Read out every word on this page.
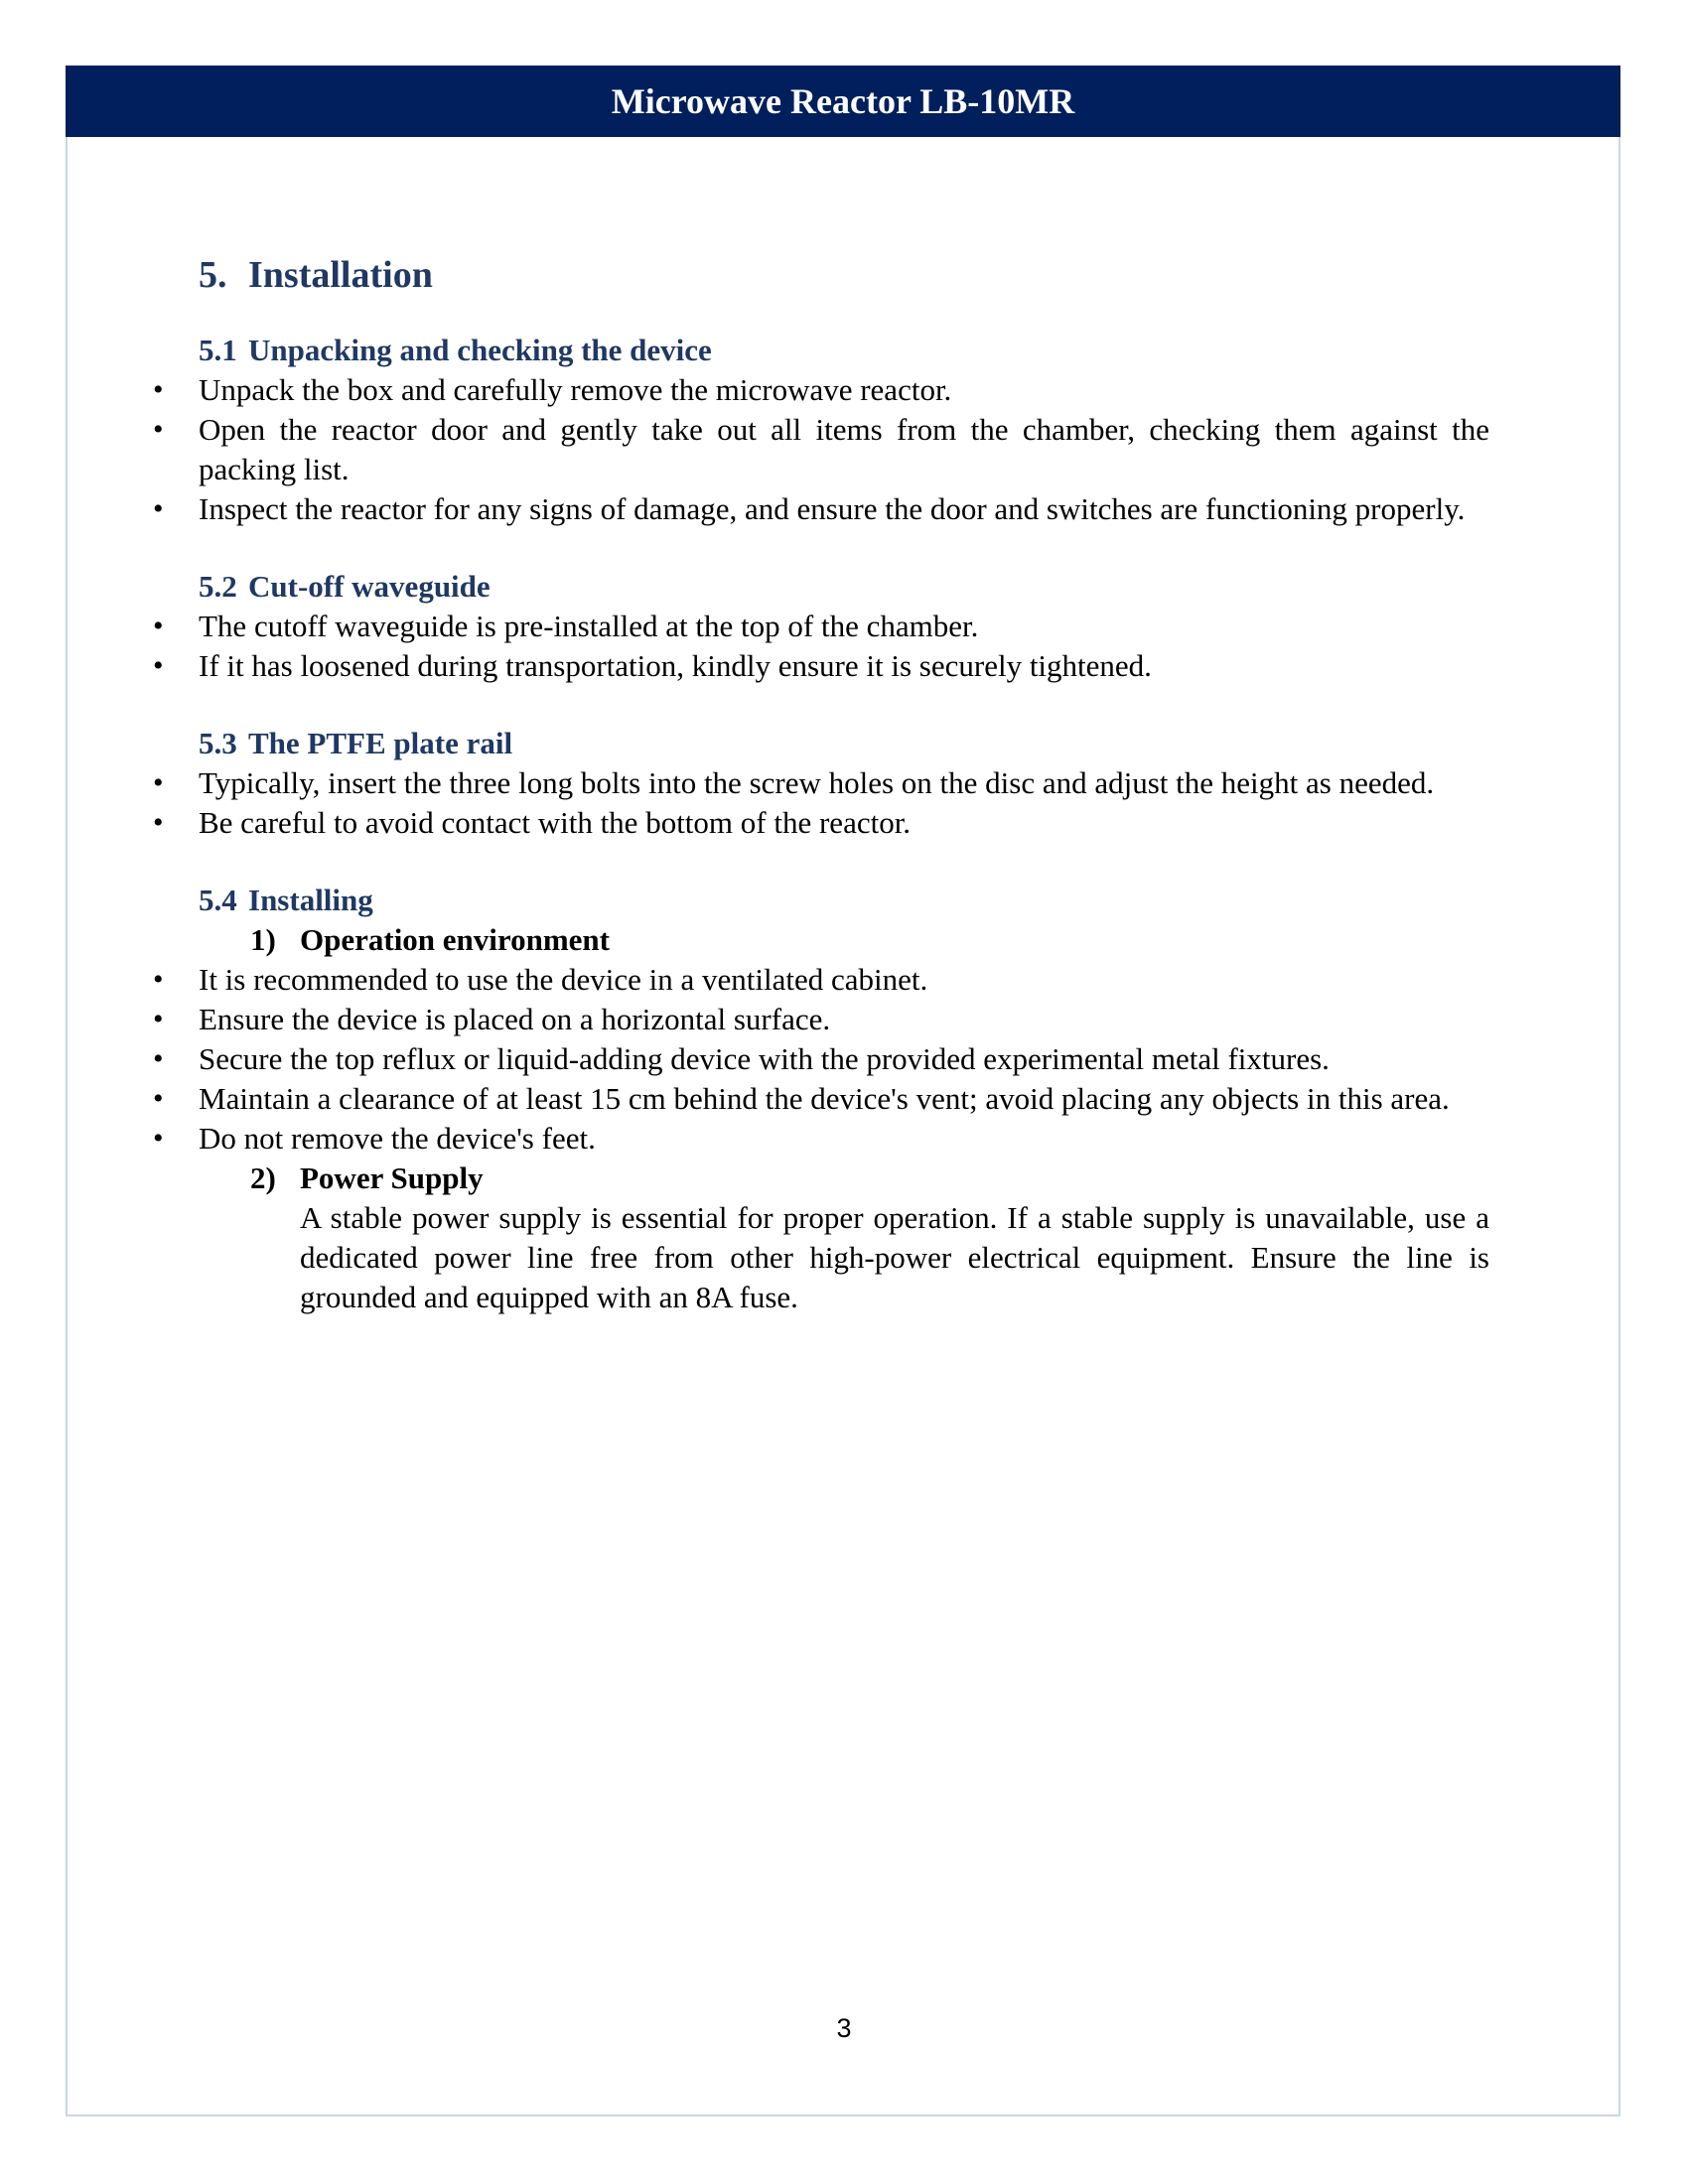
Microwave Reactor LB-10MR
5. Installation
5.1 Unpacking and checking the device
• Unpack the box and carefully remove the microwave reactor.
• Open the reactor door and gently take out all items from the chamber, checking them against the packing list.
• Inspect the reactor for any signs of damage, and ensure the door and switches are functioning properly.
5.2 Cut-off waveguide
• The cutoff waveguide is pre-installed at the top of the chamber.
• If it has loosened during transportation, kindly ensure it is securely tightened.
5.3 The PTFE plate rail
• Typically, insert the three long bolts into the screw holes on the disc and adjust the height as needed.
• Be careful to avoid contact with the bottom of the reactor.
5.4 Installing
1) Operation environment
• It is recommended to use the device in a ventilated cabinet.
• Ensure the device is placed on a horizontal surface.
• Secure the top reflux or liquid-adding device with the provided experimental metal fixtures.
• Maintain a clearance of at least 15 cm behind the device's vent; avoid placing any objects in this area.
• Do not remove the device's feet.
2) Power Supply
A stable power supply is essential for proper operation. If a stable supply is unavailable, use a dedicated power line free from other high-power electrical equipment. Ensure the line is grounded and equipped with an 8A fuse.
3
